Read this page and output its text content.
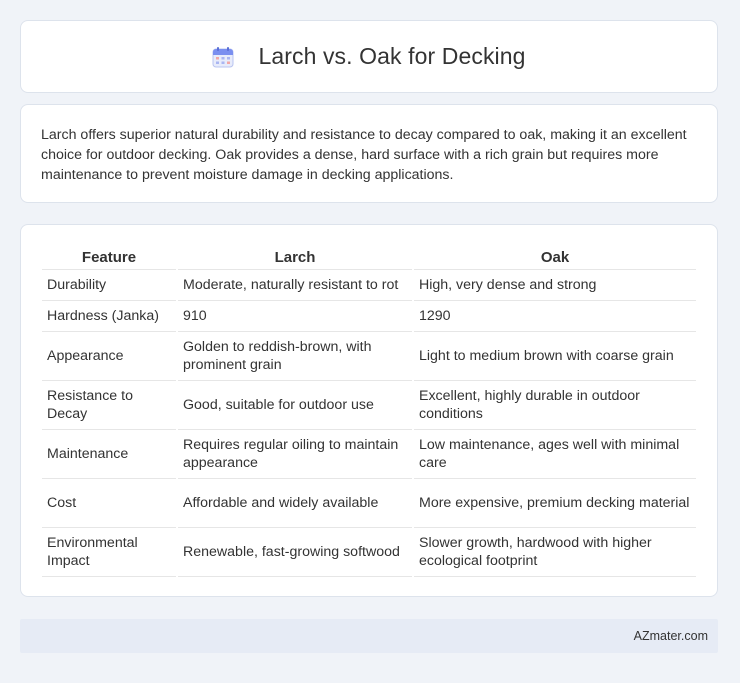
Larch vs. Oak for Decking
Larch offers superior natural durability and resistance to decay compared to oak, making it an excellent choice for outdoor decking. Oak provides a dense, hard surface with a rich grain but requires more maintenance to prevent moisture damage in decking applications.
Feature	Larch	Oak
Durability	Moderate, naturally resistant to rot	High, very dense and strong
Hardness (Janka)	910	1290
Appearance	Golden to reddish-brown, with prominent grain	Light to medium brown with coarse grain
Resistance to Decay	Good, suitable for outdoor use	Excellent, highly durable in outdoor conditions
Maintenance	Requires regular oiling to maintain appearance	Low maintenance, ages well with minimal care
Cost	Affordable and widely available	More expensive, premium decking material
Environmental Impact	Renewable, fast-growing softwood	Slower growth, hardwood with higher ecological footprint
AZmater.com
